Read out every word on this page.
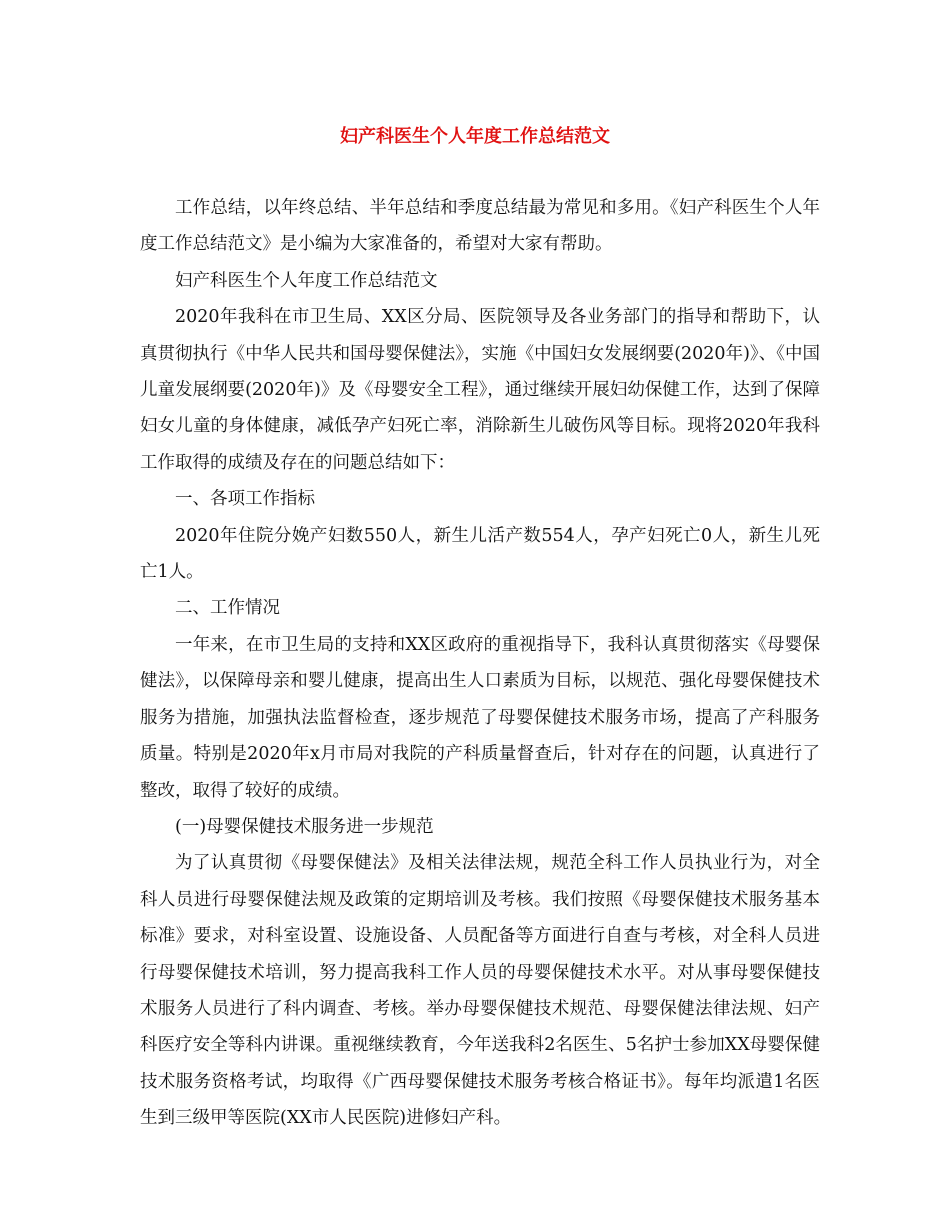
妇产科医生个人年度工作总结范文

工作总结，以年终总结、半年总结和季度总结最为常见和多用。《妇产科医生个人年度工作总结范文》是小编为大家准备的，希望对大家有帮助。

妇产科医生个人年度工作总结范文

2020年我科在市卫生局、XX区分局、医院领导及各业务部门的指导和帮助下，认真贯彻执行《中华人民共和国母婴保健法》，实施《中国妇女发展纲要(2020年)》、《中国儿童发展纲要(2020年)》及《母婴安全工程》，通过继续开展妇幼保健工作，达到了保障妇女儿童的身体健康，减低孕产妇死亡率，消除新生儿破伤风等目标。现将2020年我科工作取得的成绩及存在的问题总结如下：

一、各项工作指标

2020年住院分娩产妇数550人，新生儿活产数554人，孕产妇死亡0人，新生儿死亡1人。

二、工作情况

一年来，在市卫生局的支持和XX区政府的重视指导下，我科认真贯彻落实《母婴保健法》，以保障母亲和婴儿健康，提高出生人口素质为目标，以规范、强化母婴保健技术服务为措施，加强执法监督检查，逐步规范了母婴保健技术服务市场，提高了产科服务质量。特别是2020年x月市局对我院的产科质量督查后，针对存在的问题，认真进行了整改，取得了较好的成绩。

(一)母婴保健技术服务进一步规范

为了认真贯彻《母婴保健法》及相关法律法规，规范全科工作人员执业行为，对全科人员进行母婴保健法规及政策的定期培训及考核。我们按照《母婴保健技术服务基本标准》要求，对科室设置、设施设备、人员配备等方面进行自查与考核，对全科人员进行母婴保健技术培训，努力提高我科工作人员的母婴保健技术水平。对从事母婴保健技术服务人员进行了科内调查、考核。举办母婴保健技术规范、母婴保健法律法规、妇产科医疗安全等科内讲课。重视继续教育，今年送我科2名医生、5名护士参加XX母婴保健技术服务资格考试，均取得《广西母婴保健技术服务考核合格证书》。每年均派遣1名医生到三级甲等医院(XX市人民医院)进修妇产科。
